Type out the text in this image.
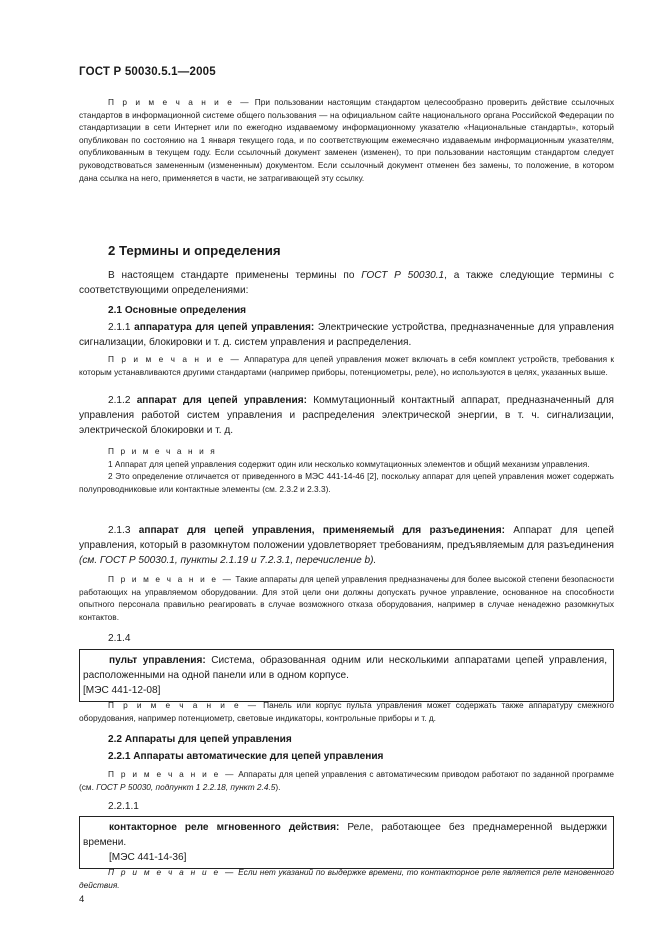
ГОСТ Р 50030.5.1—2005

П р и м е ч а н и е — При пользовании настоящим стандартом целесообразно проверить действие ссылочных стандартов в информационной системе общего пользования — на официальном сайте национального органа Российской Федерации по стандартизации в сети Интернет или по ежегодно издаваемому информационному указателю «Национальные стандарты», который опубликован по состоянию на 1 января текущего года, и по соответствующим ежемесячно издаваемым информационным указателям, опубликованным в текущем году. Если ссылочный документ заменен (изменен), то при пользовании настоящим стандартом следует руководствоваться замененным (измененным) документом. Если ссылочный документ отменен без замены, то положение, в котором дана ссылка на него, применяется в части, не затрагивающей эту ссылку.

2 Термины и определения

В настоящем стандарте применены термины по ГОСТ Р 50030.1, а также следующие термины с соответствующими определениями:

2.1 Основные определения

2.1.1 аппаратура для цепей управления: Электрические устройства, предназначенные для управления сигнализации, блокировки и т. д. систем управления и распределения.

П р и м е ч а н и е — Аппаратура для цепей управления может включать в себя комплект устройств, требования к которым устанавливаются другими стандартами (например приборы, потенциометры, реле), но используются в целях, указанных выше.

2.1.2 аппарат для цепей управления: Коммутационный контактный аппарат, предназначенный для управления работой систем управления и распределения электрической энергии, в т. ч. сигнализации, электрической блокировки и т. д.

П р и м е ч а н и я

1 Аппарат для цепей управления содержит один или несколько коммутационных элементов и общий механизм управления.

2 Это определение отличается от приведенного в МЭС 441-14-46 [2], поскольку аппарат для цепей управления может содержать полупроводниковые или контактные элементы (см. 2.3.2 и 2.3.3).

2.1.3 аппарат для цепей управления, применяемый для разъединения: Аппарат для цепей управления, который в разомкнутом положении удовлетворяет требованиям, предъявляемым для разъединения (см. ГОСТ Р 50030.1, пункты 2.1.19 и 7.2.3.1, перечисление b).

П р и м е ч а н и е — Такие аппараты для цепей управления предназначены для более высокой степени безопасности работающих на управляемом оборудовании. Для этой цели они должны допускать ручное управление, основанное на способности опытного персонала правильно реагировать в случае возможного отказа оборудования, например в случае ненадежно разомкнутых контактов.

2.1.4

пульт управления: Система, образованная одним или несколькими аппаратами цепей управления, расположенными на одной панели или в одном корпусе.

[МЭС 441-12-08]

П р и м е ч а н и е — Панель или корпус пульта управления может содержать также аппаратуру смежного оборудования, например потенциометр, световые индикаторы, контрольные приборы и т. д.

2.2 Аппараты для цепей управления
2.2.1 Аппараты автоматические для цепей управления

П р и м е ч а н и е — Аппараты для цепей управления с автоматическим приводом работают по заданной программе (см. ГОСТ Р 50030, подпункт 1 2.2.18, пункт 2.4.5).

2.2.1.1

контакторное реле мгновенного действия: Реле, работающее без преднамеренной выдержки времени.

[МЭС 441-14-36]

П р и м е ч а н и е — Если нет указаний по выдержке времени, то контакторное реле является реле мгновенного действия.

4
